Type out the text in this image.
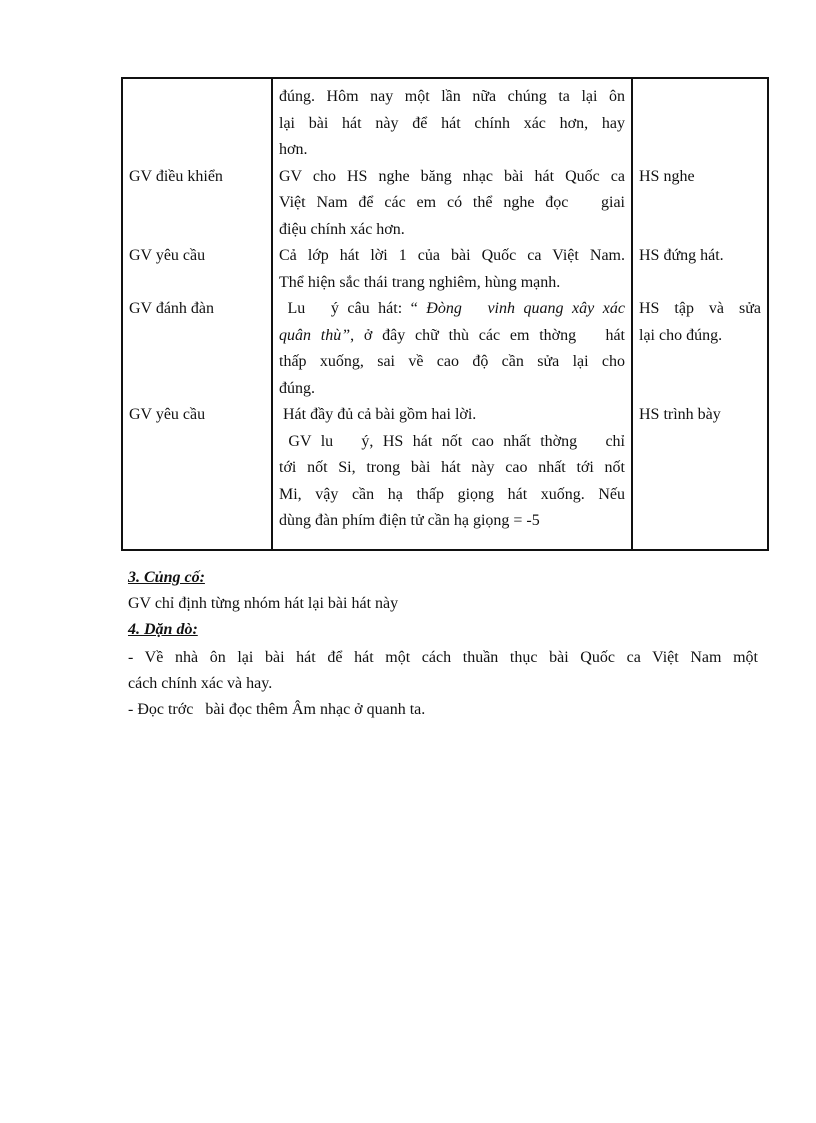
	đúng. Hôm nay một lần nữa chúng ta lại ôn
lại bài hát này để hát chính xác hơn, hay
hơn.	

GV điều khiển	GV cho HS nghe băng nhạc bài hát Quốc ca
Việt Nam để các em có thể nghe đọc   giai
điệu chính xác hơn.	HS nghe
GV yêu cầu	Cả lớp hát lời 1 của bài Quốc ca Việt Nam.
Thể hiện sắc thái trang nghiêm, hùng mạnh.	HS đứng hát.
GV đánh đàn	Lu   ý câu hát: “ Đòng   vinh quang xây xác
quân thù”, ở đây chữ thù các em thờng   hát
thấp xuống, sai về cao độ cần sửa lại cho
đúng.	HS tập và sửa
lại cho đúng.

GV yêu cầu	Hát đầy đủ cả bài gồm hai lời.
GV lu   ý, HS hát nốt cao nhất thờng   chỉ
tới nốt Si, trong bài hát này cao nhất tới nốt
Mi, vậy cần hạ thấp giọng hát xuống. Nếu
dùng đàn phím điện tử cần hạ giọng = -5	HS trình bày
3. Củng cố:
GV chỉ định từng nhóm hát lại bài hát này
4. Dặn dò:
- Về nhà ôn lại bài hát để hát một cách thuần thục bài Quốc ca Việt Nam một
cách chính xác và hay.
- Đọc trớc   bài đọc thêm Âm nhạc ở quanh ta.
